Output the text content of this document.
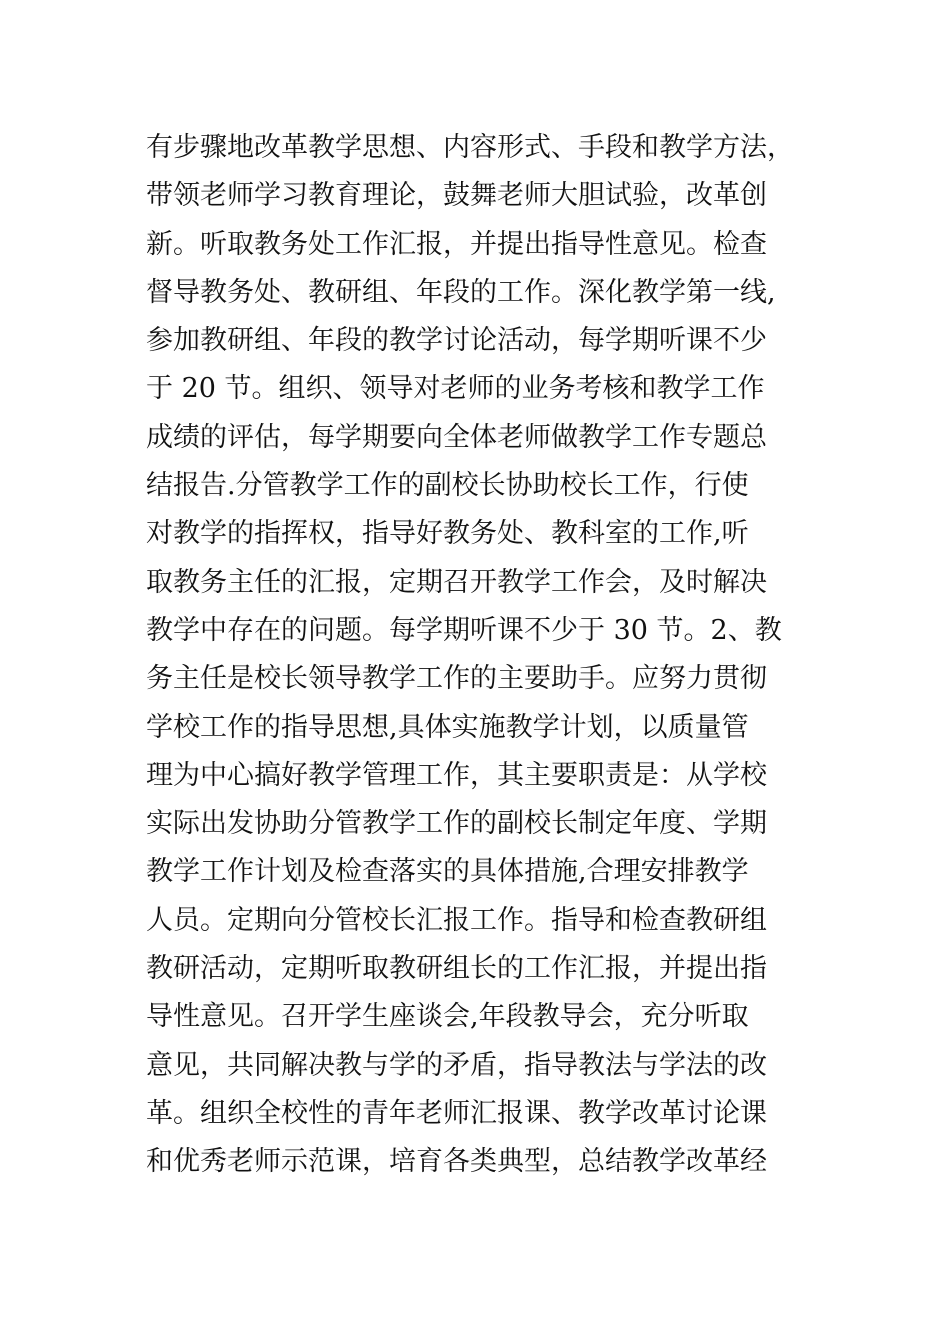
有步骤地改革教学思想、内容形式、手段和教学方法，
带领老师学习教育理论，鼓舞老师大胆试验，改革创
新。听取教务处工作汇报，并提出指导性意见。检查
督导教务处、教研组、年段的工作。深化教学第一线,
参加教研组、年段的教学讨论活动，每学期听课不少
于 20 节。组织、领导对老师的业务考核和教学工作
成绩的评估，每学期要向全体老师做教学工作专题总
结报告.分管教学工作的副校长协助校长工作，行使
对教学的指挥权，指导好教务处、教科室的工作,听
取教务主任的汇报，定期召开教学工作会，及时解决
教学中存在的问题。每学期听课不少于 30 节。2、教
务主任是校长领导教学工作的主要助手。应努力贯彻
学校工作的指导思想,具体实施教学计划，以质量管
理为中心搞好教学管理工作，其主要职责是：从学校
实际出发协助分管教学工作的副校长制定年度、学期
教学工作计划及检查落实的具体措施,合理安排教学
人员。定期向分管校长汇报工作。指导和检查教研组
教研活动，定期听取教研组长的工作汇报，并提出指
导性意见。召开学生座谈会,年段教导会，充分听取
意见，共同解决教与学的矛盾，指导教法与学法的改
革。组织全校性的青年老师汇报课、教学改革讨论课
和优秀老师示范课，培育各类典型，总结教学改革经
